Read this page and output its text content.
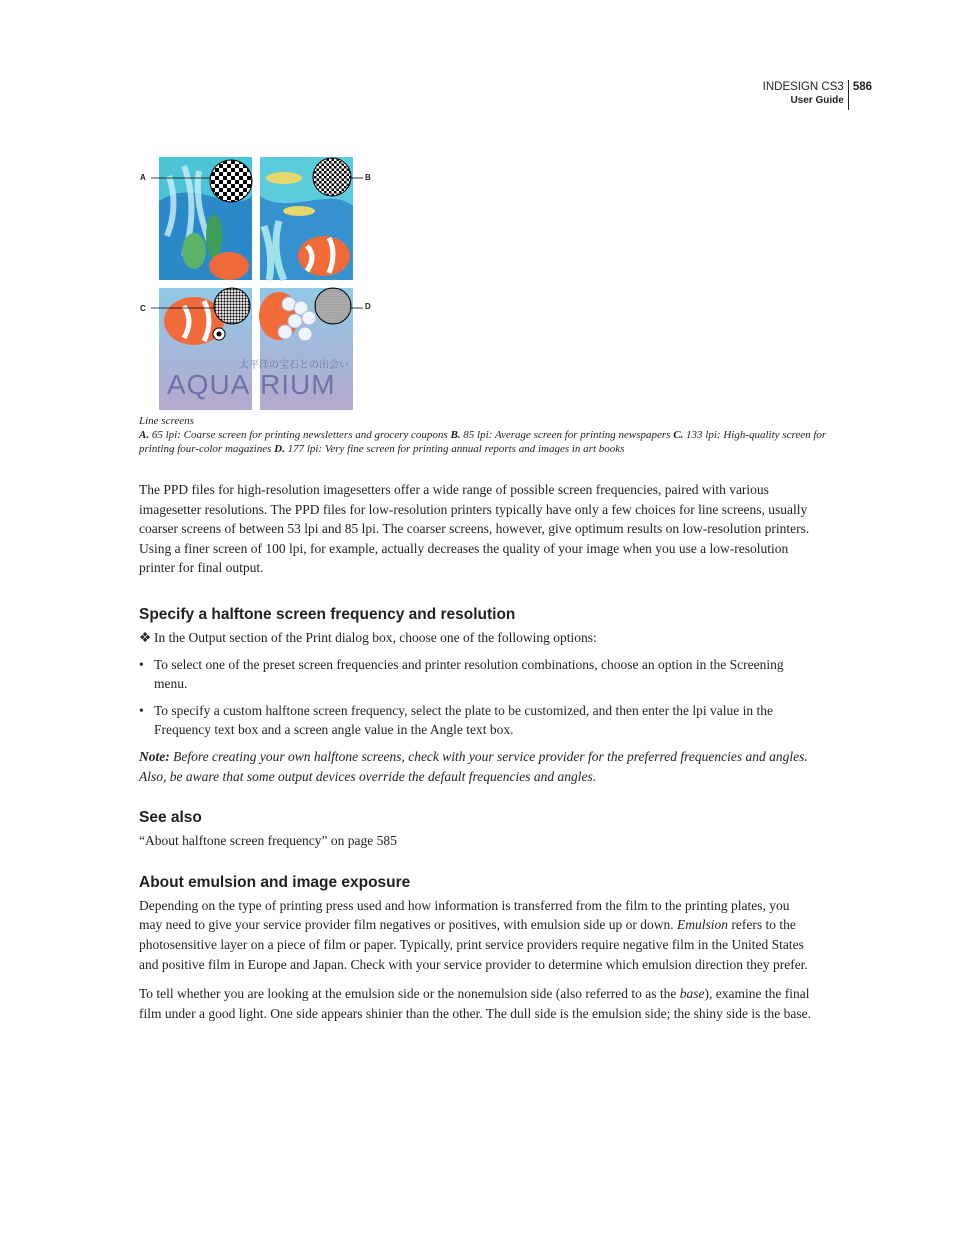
INDESIGN CS3
User Guide
586
AQUA
太平洋の宝石との出会い
RIUM
A	B
C	D
Line screens
A. 65 lpi: Coarse screen for printing newsletters and grocery coupons B. 85 lpi: Average screen for printing newspapers C. 133 lpi: High-quality screen for printing four-color magazines D. 177 lpi: Very fine screen for printing annual reports and images in art books

The PPD files for high-resolution imagesetters offer a wide range of possible screen frequencies, paired with various imagesetter resolutions. The PPD files for low-resolution printers typically have only a few choices for line screens, usually coarser screens of between 53 lpi and 85 lpi. The coarser screens, however, give optimum results on low-resolution printers. Using a finer screen of 100 lpi, for example, actually decreases the quality of your image when you use a low-resolution printer for final output.

Specify a halftone screen frequency and resolution
❖ In the Output section of the Print dialog box, choose one of the following options:
• To select one of the preset screen frequencies and printer resolution combinations, choose an option in the Screening menu.
• To specify a custom halftone screen frequency, select the plate to be customized, and then enter the lpi value in the Frequency text box and a screen angle value in the Angle text box.

Note: Before creating your own halftone screens, check with your service provider for the preferred frequencies and angles. Also, be aware that some output devices override the default frequencies and angles.

See also

“About halftone screen frequency” on page 585

About emulsion and image exposure

Depending on the type of printing press used and how information is transferred from the film to the printing plates, you may need to give your service provider film negatives or positives, with emulsion side up or down. Emulsion refers to the photosensitive layer on a piece of film or paper. Typically, print service providers require negative film in the United States and positive film in Europe and Japan. Check with your service provider to determine which emulsion direction they prefer.

To tell whether you are looking at the emulsion side or the nonemulsion side (also referred to as the base), examine the final film under a good light. One side appears shinier than the other. The dull side is the emulsion side; the shiny side is the base.
